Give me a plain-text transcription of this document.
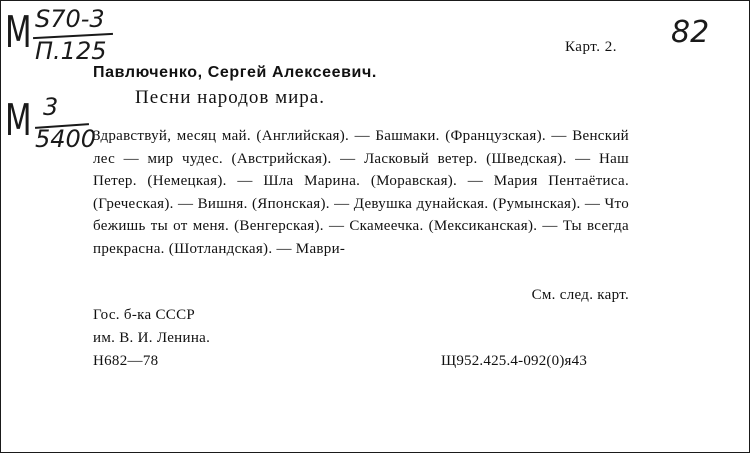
M S70-3
П.125
M 3
5400
82
Карт. 2.
Павлюченко, Сергей Алексеевич.
Песни народов мира.
Здравствуй, месяц май. (Английская). — Башмаки. (Французская). — Венский лес — мир чудес. (Австрийская). — Ласковый ветер. (Шведская). — Наш Петер. (Немецкая). — Шла Марина. (Моравская). — Мария Пентаётиса. (Греческая). — Вишня. (Японская). — Девушка дунайская. (Румынская). — Что бежишь ты от меня. (Венгерская). — Скамеечка. (Мексиканская). — Ты всегда прекрасна. (Шотландская). — Маври-
См. след. карт.
Гос. б-ка СССР
им. В. И. Ленина.
Н682—78	Щ952.425.4-092(0)я43
